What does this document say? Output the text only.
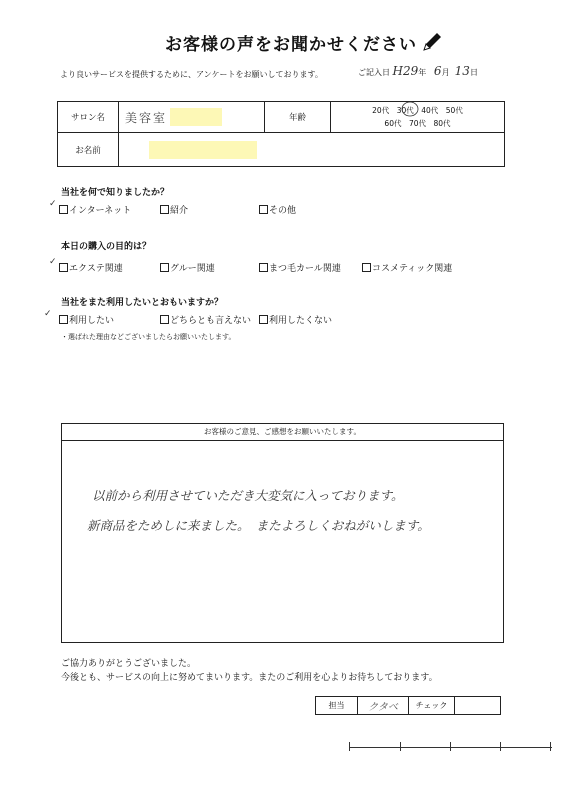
お客様の声をお聞かせください
より良いサービスを提供するために、アンケートをお願いしております。	ご記入日 H29年 6月 13日
サロン名	美容室	年齢	20代　30代　40代　50代
60代　70代　80代

お名前			
当社を何で知りましたか？
インターネット
✓
紹介	その他
本日の購入の目的は？
エクステ関連
✓
グルー関連	まつ毛カール関連	コスメティック関連
当社をまた利用したいとおもいますか？
利用したい
✓
どちらとも言えない	利用したくない
・選ばれた理由などございましたらお願いいたします。
お客様のご意見、ご感想をお願いいたします。
以前から利用させていただき大変気に入っております。
新商品をためしに来ました。　またよろしくおねがいします。
ご協力ありがとうございました。
今後とも、サービスの向上に努めてまいります。またのご利用を心よりお待ちしております。
担当	クタベ	チェック	
